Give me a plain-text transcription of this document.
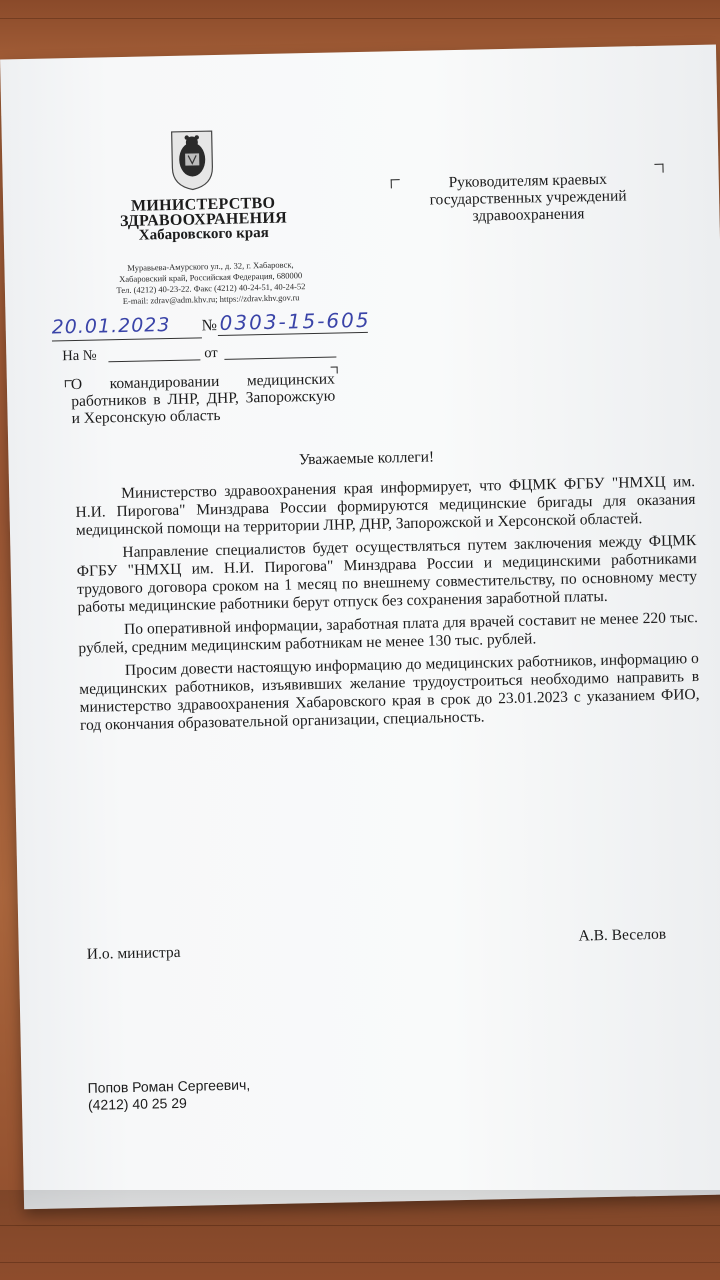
МИНИСТЕРСТВО
ЗДРАВООХРАНЕНИЯ
Хабаровского края
Муравьева-Амурского ул., д. 32, г. Хабаровск,
Хабаровский край, Российская Федерация, 680000
Тел. (4212) 40-23-22. Факс (4212) 40-24-51, 40-24-52
E-mail: zdrav@adm.khv.ru; https://zdrav.khv.gov.ru
Руководителям краевых
государственных учреждений
здравоохранения
20.01.2023 № 0303-15-605
На №	от
О командировании медицинских работников в ЛНР, ДНР, Запорожскую и Херсонскую область
Уважаемые коллеги!

Министерство здравоохранения края информирует, что ФЦМК ФГБУ "НМХЦ им. Н.И. Пирогова" Минздрава России формируются медицинские бригады для оказания медицинской помощи на территории ЛНР, ДНР, Запорожской и Херсонской областей.

Направление специалистов будет осуществляться путем заключения между ФЦМК ФГБУ "НМХЦ им. Н.И. Пирогова" Минздрава России и медицинскими работниками трудового договора сроком на 1 месяц по внешнему совместительству, по основному месту работы медицинские работники берут отпуск без сохранения заработной платы.

По оперативной информации, заработная плата для врачей составит не менее 220 тыс. рублей, средним медицинским работникам не менее 130 тыс. рублей.

Просим довести настоящую информацию до медицинских работников, информацию о медицинских работников, изъявивших желание трудоустроиться необходимо направить в министерство здравоохранения Хабаровского края в срок до 23.01.2023 с указанием ФИО, год окончания образовательной организации, специальность.

И.о. министра
А.В. Веселов
Попов Роман Сергеевич,
(4212) 40 25 29
